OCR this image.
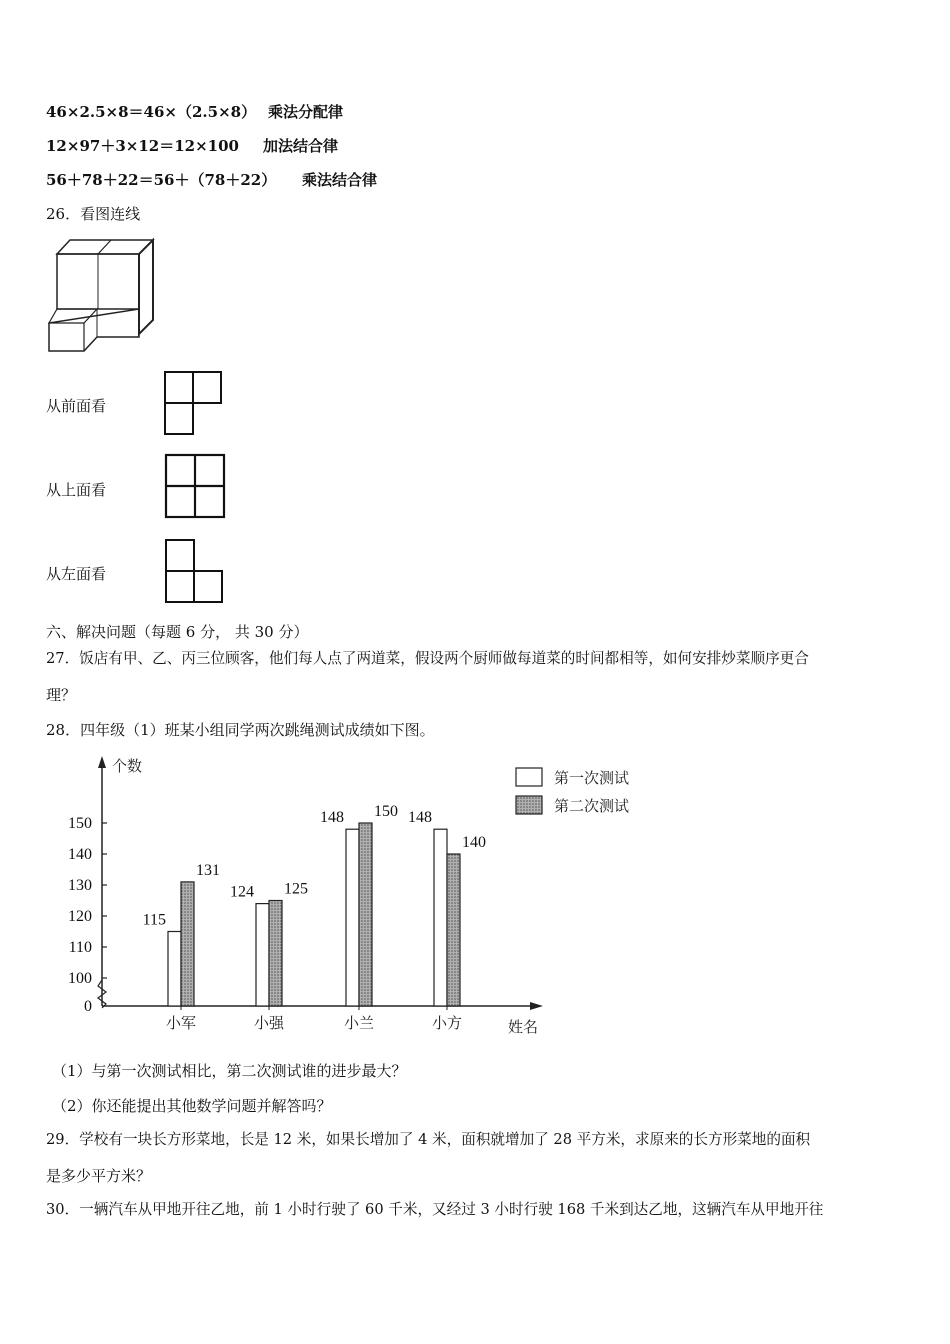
46×2.5×8＝46×（2.5×8） 乘法分配律
12×97＋3×12＝12×100 加法结合律
56＋78＋22＝56＋（78＋22） 乘法结合律
26．看图连线
从前面看
从上面看
从左面看
六、解决问题（每题 6 分， 共 30 分）
27．饭店有甲、乙、丙三位顾客，他们每人点了两道菜，假设两个厨师做每道菜的时间都相等，如何安排炒菜顺序更合
理？
28．四年级（1）班某小组同学两次跳绳测试成绩如下图。
个数
姓名
0
100
110
120
130
140
150
115
131
小军
124 125
小强
148 150
小兰
148
140
小方
第一次测试
第二次测试
（1）与第一次测试相比，第二次测试谁的进步最大？
（2）你还能提出其他数学问题并解答吗？
29．学校有一块长方形菜地，长是 12 米，如果长增加了 4 米，面积就增加了 28 平方米，求原来的长方形菜地的面积
是多少平方米？
30．一辆汽车从甲地开往乙地，前 1 小时行驶了 60 千米，又经过 3 小时行驶 168 千米到达乙地，这辆汽车从甲地开往
